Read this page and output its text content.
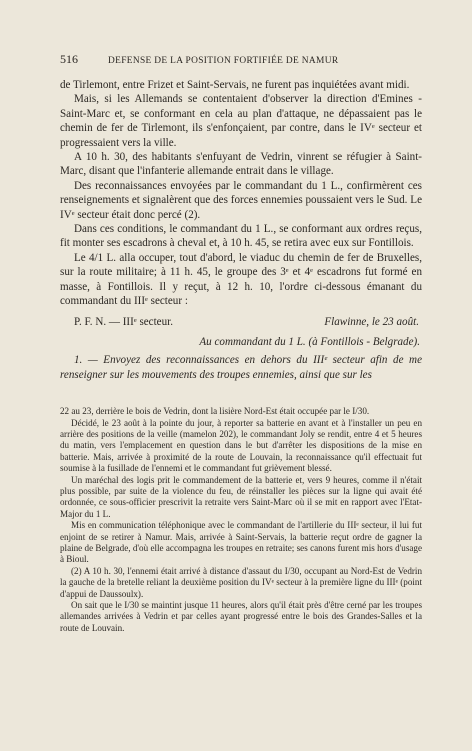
516	DEFENSE DE LA POSITION FORTIFIÉE DE NAMUR

de Tirlemont, entre Frizet et Saint-Servais, ne furent pas inquiétées avant midi.

Mais, si les Allemands se contentaient d'observer la direction d'Emines - Saint-Marc et, se conformant en cela au plan d'attaque, ne dépassaient pas le chemin de fer de Tirlemont, ils s'enfonçaient, par contre, dans le IVᵉ secteur et progressaient vers la ville.

A 10 h. 30, des habitants s'enfuyant de Vedrin, vinrent se réfugier à Saint-Marc, disant que l'infanterie allemande entrait dans le village.

Des reconnaissances envoyées par le commandant du 1 L., confirmèrent ces renseignements et signalèrent que des forces ennemies poussaient vers le Sud. Le IVᵉ secteur était donc percé (2).

Dans ces conditions, le commandant du 1 L., se conformant aux ordres reçus, fit monter ses escadrons à cheval et, à 10 h. 45, se retira avec eux sur Fontillois.

Le 4/1 L. alla occuper, tout d'abord, le viaduc du chemin de fer de Bruxelles, sur la route militaire; à 11 h. 45, le groupe des 3ᵉ et 4ᵉ escadrons fut formé en masse, à Fontillois. Il y reçut, à 12 h. 10, l'ordre ci-dessous émanant du commandant du IIIᵉ secteur :

P. F. N. — IIIᵉ secteur.	Flawinne, le 23 août.
Au commandant du 1 L. (à Fontillois - Belgrade).
1. — Envoyez des reconnaissances en dehors du IIIᵉ secteur afin de me renseigner sur les mouvements des troupes ennemies, ainsi que sur les

22 au 23, derrière le bois de Vedrin, dont la lisière Nord-Est était occupée par le I/30.

Décidé, le 23 août à la pointe du jour, à reporter sa batterie en avant et à l'installer un peu en arrière des positions de la veille (mamelon 202), le commandant Joly se rendit, entre 4 et 5 heures du matin, vers l'emplacement en question dans le but d'arrêter les dispositions de la mise en batterie. Mais, arrivée à proximité de la route de Louvain, la reconnaissance qu'il effectuait fut soumise à la fusillade de l'ennemi et le commandant fut grièvement blessé.

Un maréchal des logis prit le commandement de la batterie et, vers 9 heures, comme il n'était plus possible, par suite de la violence du feu, de réinstaller les pièces sur la ligne qui avait été ordonnée, ce sous-officier prescrivit la retraite vers Saint-Marc où il se mit en rapport avec l'Etat-Major du 1 L.

Mis en communication téléphonique avec le commandant de l'artillerie du IIIᵉ secteur, il lui fut enjoint de se retirer à Namur. Mais, arrivée à Saint-Servais, la batterie reçut ordre de gagner la plaine de Belgrade, d'où elle accompagna les troupes en retraite; ses canons furent mis hors d'usage à Bioul.

(2) A 10 h. 30, l'ennemi était arrivé à distance d'assaut du I/30, occupant au Nord-Est de Vedrin la gauche de la bretelle reliant la deuxième position du IVᵉ secteur à la première ligne du IIIᵉ (point d'appui de Daussoulx).

On sait que le I/30 se maintint jusque 11 heures, alors qu'il était près d'être cerné par les troupes allemandes arrivées à Vedrin et par celles ayant progressé entre le bois des Grandes-Salles et la route de Louvain.
